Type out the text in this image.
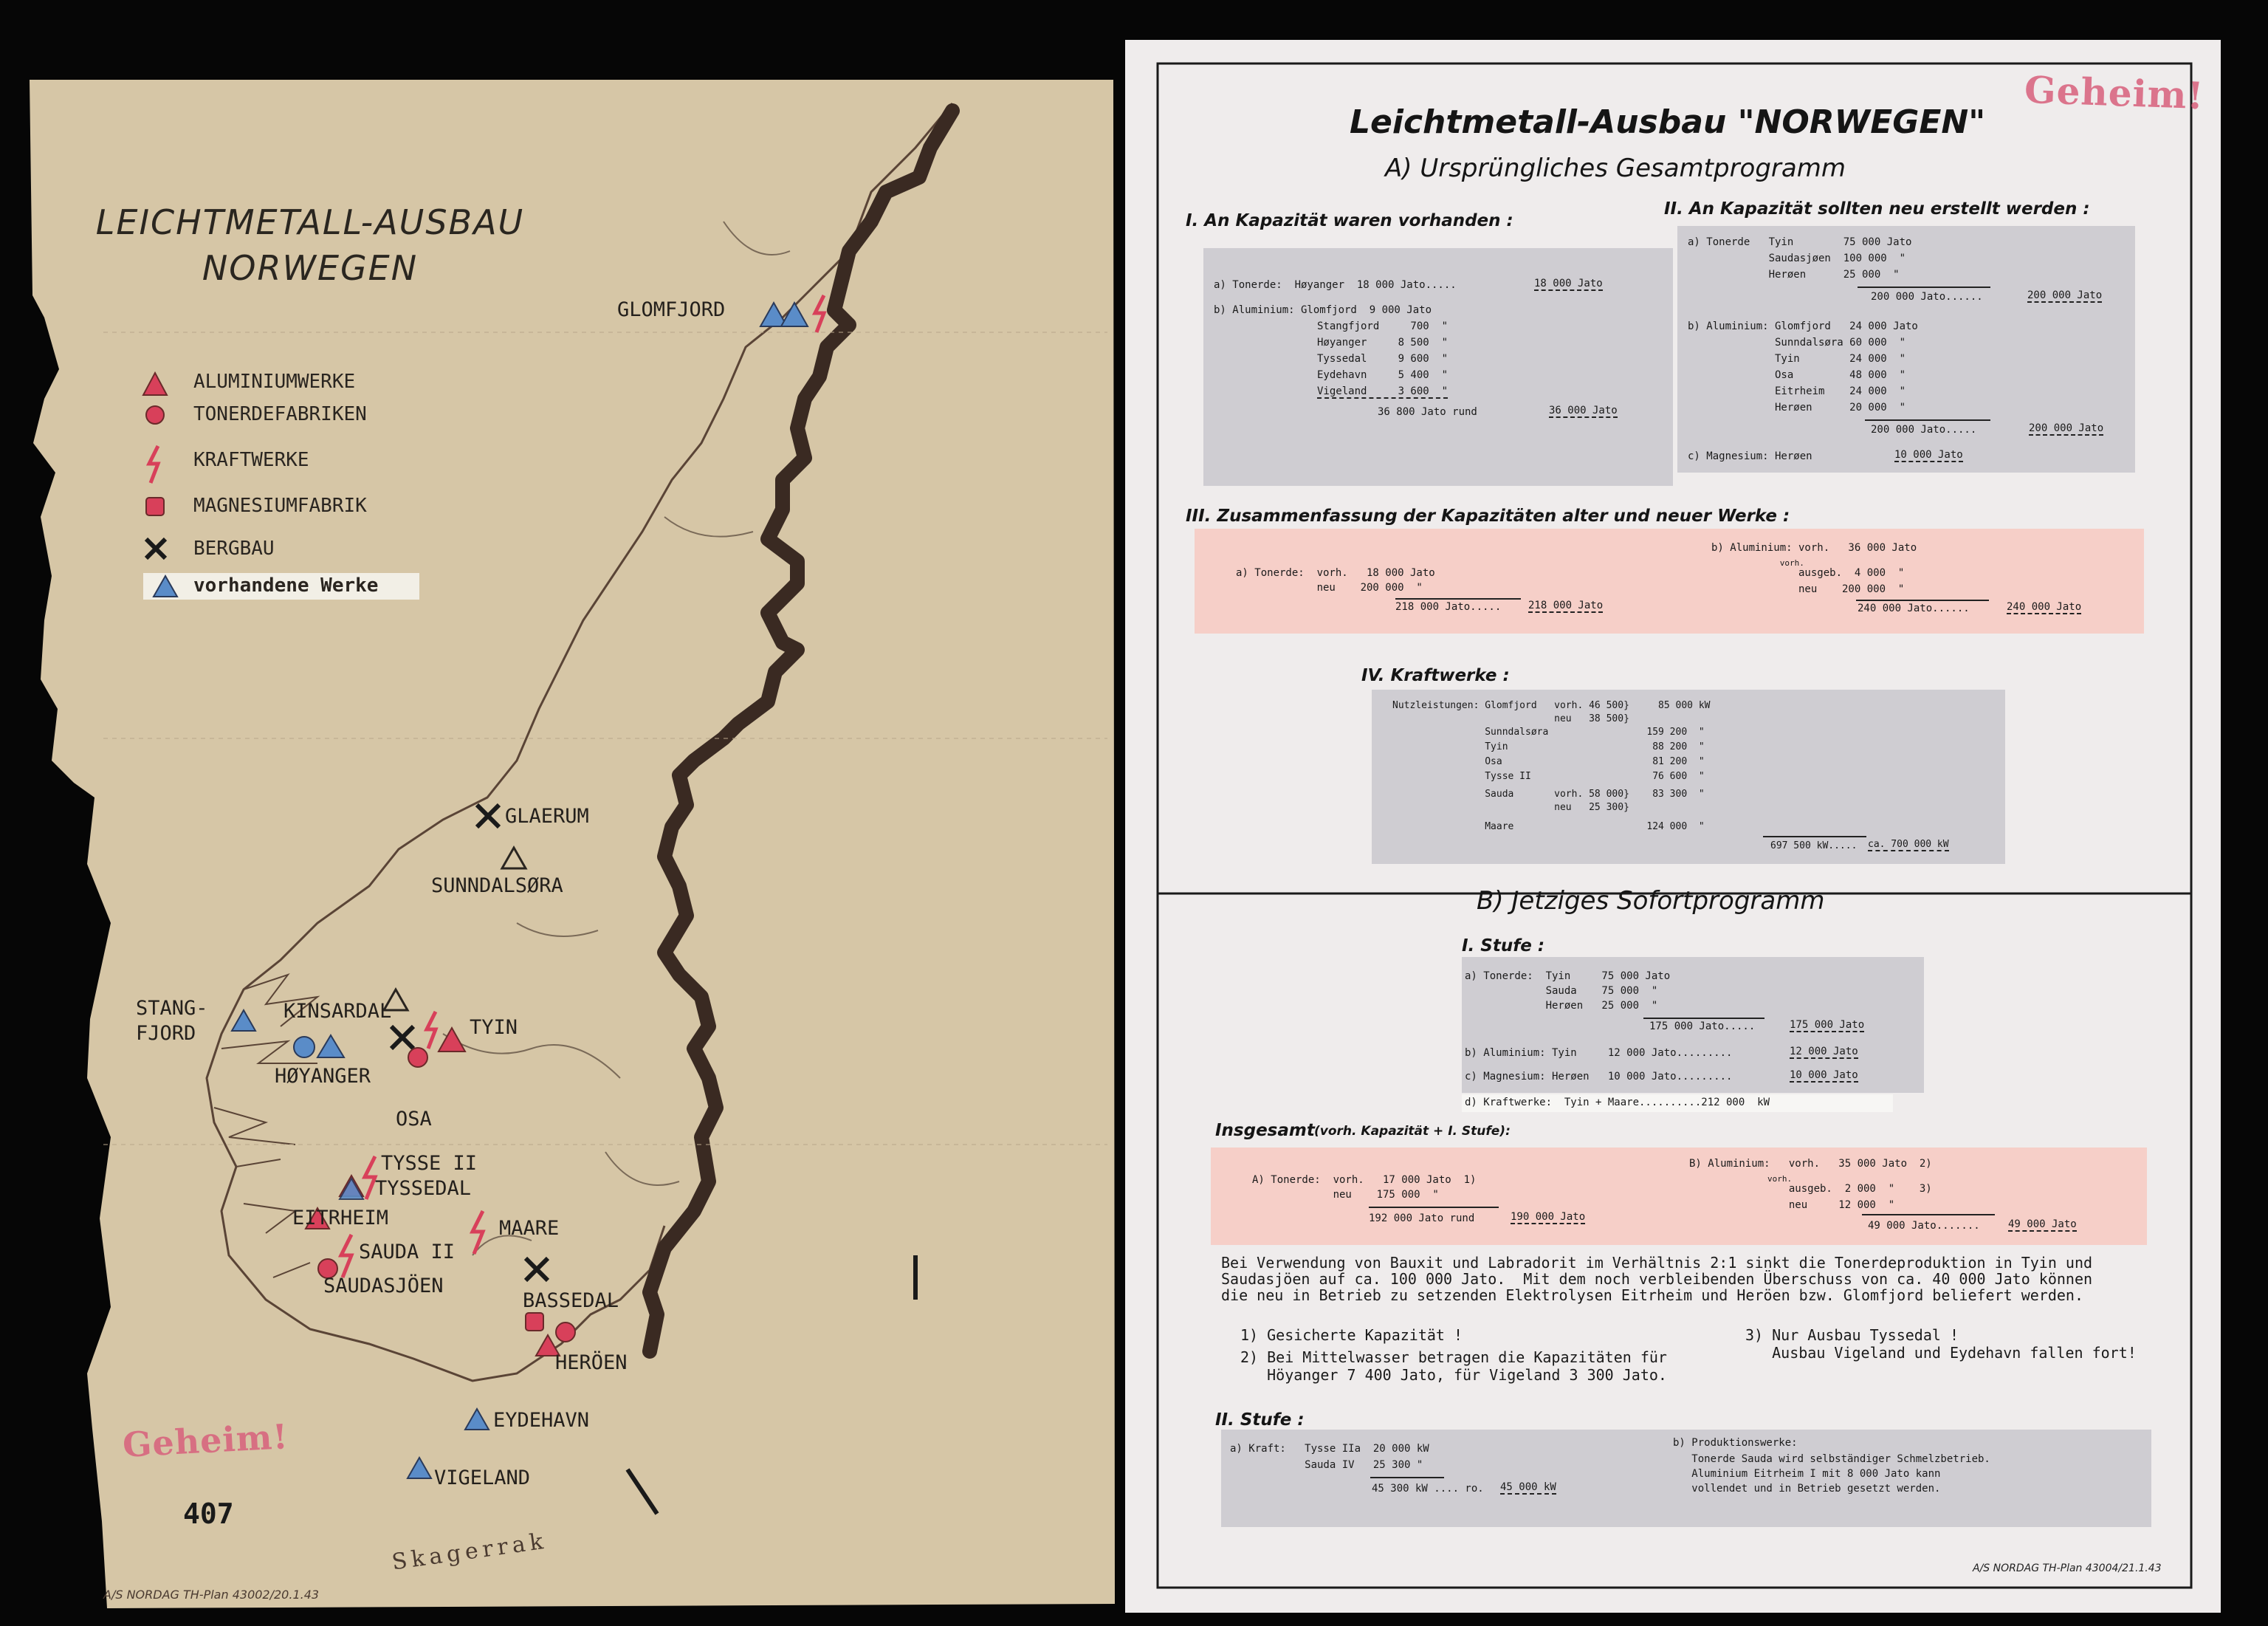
LEICHTMETALL-AUSBAU
NORWEGEN
ALUMINIUMWERKE
TONERDEFABRIKEN
KRAFTWERKE
MAGNESIUMFABRIK
BERGBAU
vorhandene Werke
GLOMFJORD
GLAERUM
SUNNDALSØRA
STANG-
FJORD
KINSARDAL
TYIN
HØYANGER
OSA
TYSSE II
TYSSEDAL
EITRHEIM	MAARE
SAUDA II
SAUDASJÖEN
BASSEDAL
HERÖEN
EYDEHAVN
VIGELAND
Skagerrak
Geheim!
407
A/S NORDAG TH-Plan 43002/20.1.43
Leichtmetall-Ausbau "NORWEGEN"
Geheim!
A) Ursprüngliches Gesamtprogramm
I. An Kapazität waren vorhanden :
a) Tonerde:  Høyanger  18 000 Jato.....	18 000 Jato
b) Aluminium: Glomfjord  9 000 Jato
Stangfjord     700  "
Høyanger     8 500  "
Tyssedal     9 600  "
Eydehavn     5 400  "
Vigeland     3 600  "
36 800 Jato rund	36 000 Jato
II. An Kapazität sollten neu erstellt werden :
a) Tonerde   Tyin        75 000 Jato
Saudasjøen  100 000  "
Herøen      25 000  "
200 000 Jato......	200 000 Jato
b) Aluminium: Glomfjord   24 000 Jato
Sunndalsøra 60 000  "
Tyin        24 000  "
Osa         48 000  "
Eitrheim    24 000  "
Herøen      20 000  "
200 000 Jato.....	200 000 Jato
c) Magnesium: Herøen	10 000 Jato
III. Zusammenfassung der Kapazitäten alter und neuer Werke :
a) Tonerde:  vorh.   18 000 Jato
neu    200 000  "
218 000 Jato.....	218 000 Jato
b) Aluminium: vorh.   36 000 Jato
vorh.
ausgeb.  4 000  "
neu    200 000  "
240 000 Jato......	240 000 Jato
IV. Kraftwerke :
Nutzleistungen: Glomfjord   vorh. 46 500}     85 000 kW
neu   38 500}
Sunndalsøra                 159 200  "
Tyin                         88 200  "
Osa                          81 200  "
Tysse II                     76 600  "
Sauda       vorh. 58 000}    83 300  "
neu   25 300}
Maare                       124 000  "
697 500 kW..... ca. 700 000 kW
B) Jetziges Sofortprogramm
I. Stufe :
a) Tonerde:  Tyin     75 000 Jato
Sauda    75 000  "
Herøen   25 000  "
175 000 Jato.....	175 000 Jato
b) Aluminium: Tyin     12 000 Jato.........	12 000 Jato
c) Magnesium: Herøen   10 000 Jato.........	10 000 Jato
d) Kraftwerke:  Tyin + Maare..........212 000  kW
Insgesamt (vorh. Kapazität + I. Stufe):
A) Tonerde:  vorh.   17 000 Jato  1)
neu    175 000  "
192 000 Jato rund	190 000 Jato
B) Aluminium:   vorh.   35 000 Jato  2)
vorh.
ausgeb.  2 000  "    3)
neu     12 000  "
49 000 Jato.......	49 000 Jato
Bei Verwendung von Bauxit und Labradorit im Verhältnis 2:1 sinkt die Tonerdeproduktion in Tyin und
Saudasjöen auf ca. 100 000 Jato.  Mit dem noch verbleibenden Überschuss von ca. 40 000 Jato können
die neu in Betrieb zu setzenden Elektrolysen Eitrheim und Heröen bzw. Glomfjord beliefert werden.
1) Gesicherte Kapazität !
2) Bei Mittelwasser betragen die Kapazitäten für
Höyanger 7 400 Jato, für Vigeland 3 300 Jato.
3) Nur Ausbau Tyssedal !
Ausbau Vigeland und Eydehavn fallen fort!
II. Stufe :
a) Kraft:   Tysse IIa  20 000 kW
Sauda IV   25 300 "
45 300 kW .... ro. 45 000 kW
b) Produktionswerke:
Tonerde Sauda wird selbständiger Schmelzbetrieb.
Aluminium Eitrheim I mit 8 000 Jato kann
vollendet und in Betrieb gesetzt werden.
A/S NORDAG TH-Plan 43004/21.1.43
